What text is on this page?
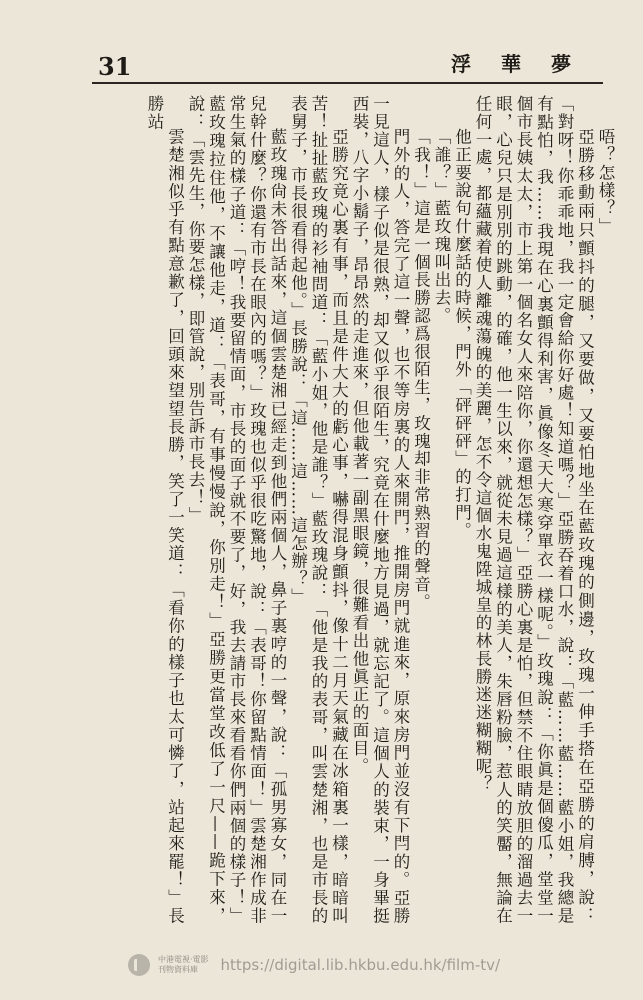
31	浮華夢

唔？怎樣？」

亞勝移動兩只顫抖的腿，又要做，又要怕地坐在藍玫瑰的側邊，玫瑰一伸手搭在亞勝的肩膊，說：「對呀！你乖乖地，我一定會給你好處！知道嗎？」亞勝吞着口水，說：「藍……藍……藍小姐，我總是有點怕，我……我現在心裏顫得利害，眞像冬天大寒穿單衣一樣呢。」玫瑰說：「你眞是個傻瓜，堂堂一個市長姨太太，市上第一個名女人來陪你，你還想怎樣？」亞勝心裏是怕，但禁不住眼睛放胆的溜過去一眼，心兒只是別別的跳動，的確，他一生以來，就從未見過這樣的美人，朱唇粉臉，惹人的笑靨，無論在任何一處，都蘊藏着使人離魂蕩魄的美麗，怎不令這個水鬼陞城皇的林長勝迷迷糊糊呢？

他正要說句什麼話的時候，門外「砰砰砰」的打門。

「誰？」藍玫瑰叫出去。

「我！」這是一個長勝認爲很陌生，玫瑰却非常熟習的聲音。

門外的人，答完了這一聲，也不等房裏的人來開門，推開房門就進來，原來房門並沒有下閂的。亞勝一見這人，樣子似是很熟，却又似乎很陌生，究竟在什麼地方見過，就忘記了。這個人的裝束，一身畢挺西裝，八字小鬍子，昂昂然的走進來，但他載著一副黑眼鏡，很難看出他眞正的面目。

亞勝究竟心裏有事，而且是件大大的虧心事，嚇得混身顫抖，像十二月天氣藏在冰箱裏一樣，暗暗叫苦！扯扯藍玫瑰的衫袖問道：「藍小姐，他是誰？」藍玫瑰說：「他是我的表哥，叫雲楚湘，也是市長的表舅子，市長很看得起他。」長勝說：「這……這……這怎辦？」

藍玫瑰尙未答出話來，這個雲楚湘已經走到他們兩個人，鼻子裏哼的一聲，說：「孤男寡女，同在一兒幹什麼？你還有市長在眼內的嗎？」玫瑰也似乎很吃驚地，說：「表哥！你留點情面！」雲楚湘作成非常生氣的樣子道：「哼！我要留情面，市長的面子就不要了，好，我去請市長來看看你們兩個的樣子！」藍玫瑰拉住他，不讓他走，道：「表哥，有事慢慢說，你別走！」亞勝更當堂改低了一尺——跪下來，說：「雲先生，你要怎樣，即管說，別告訴市長去！」

雲楚湘似乎有點意歉了，回頭來望望長勝，笑了一笑道：「看你的樣子也太可憐了，站起來罷！」長勝站

中港電視‧電影
刊物資料庫	https://digital.lib.hkbu.edu.hk/film-tv/
